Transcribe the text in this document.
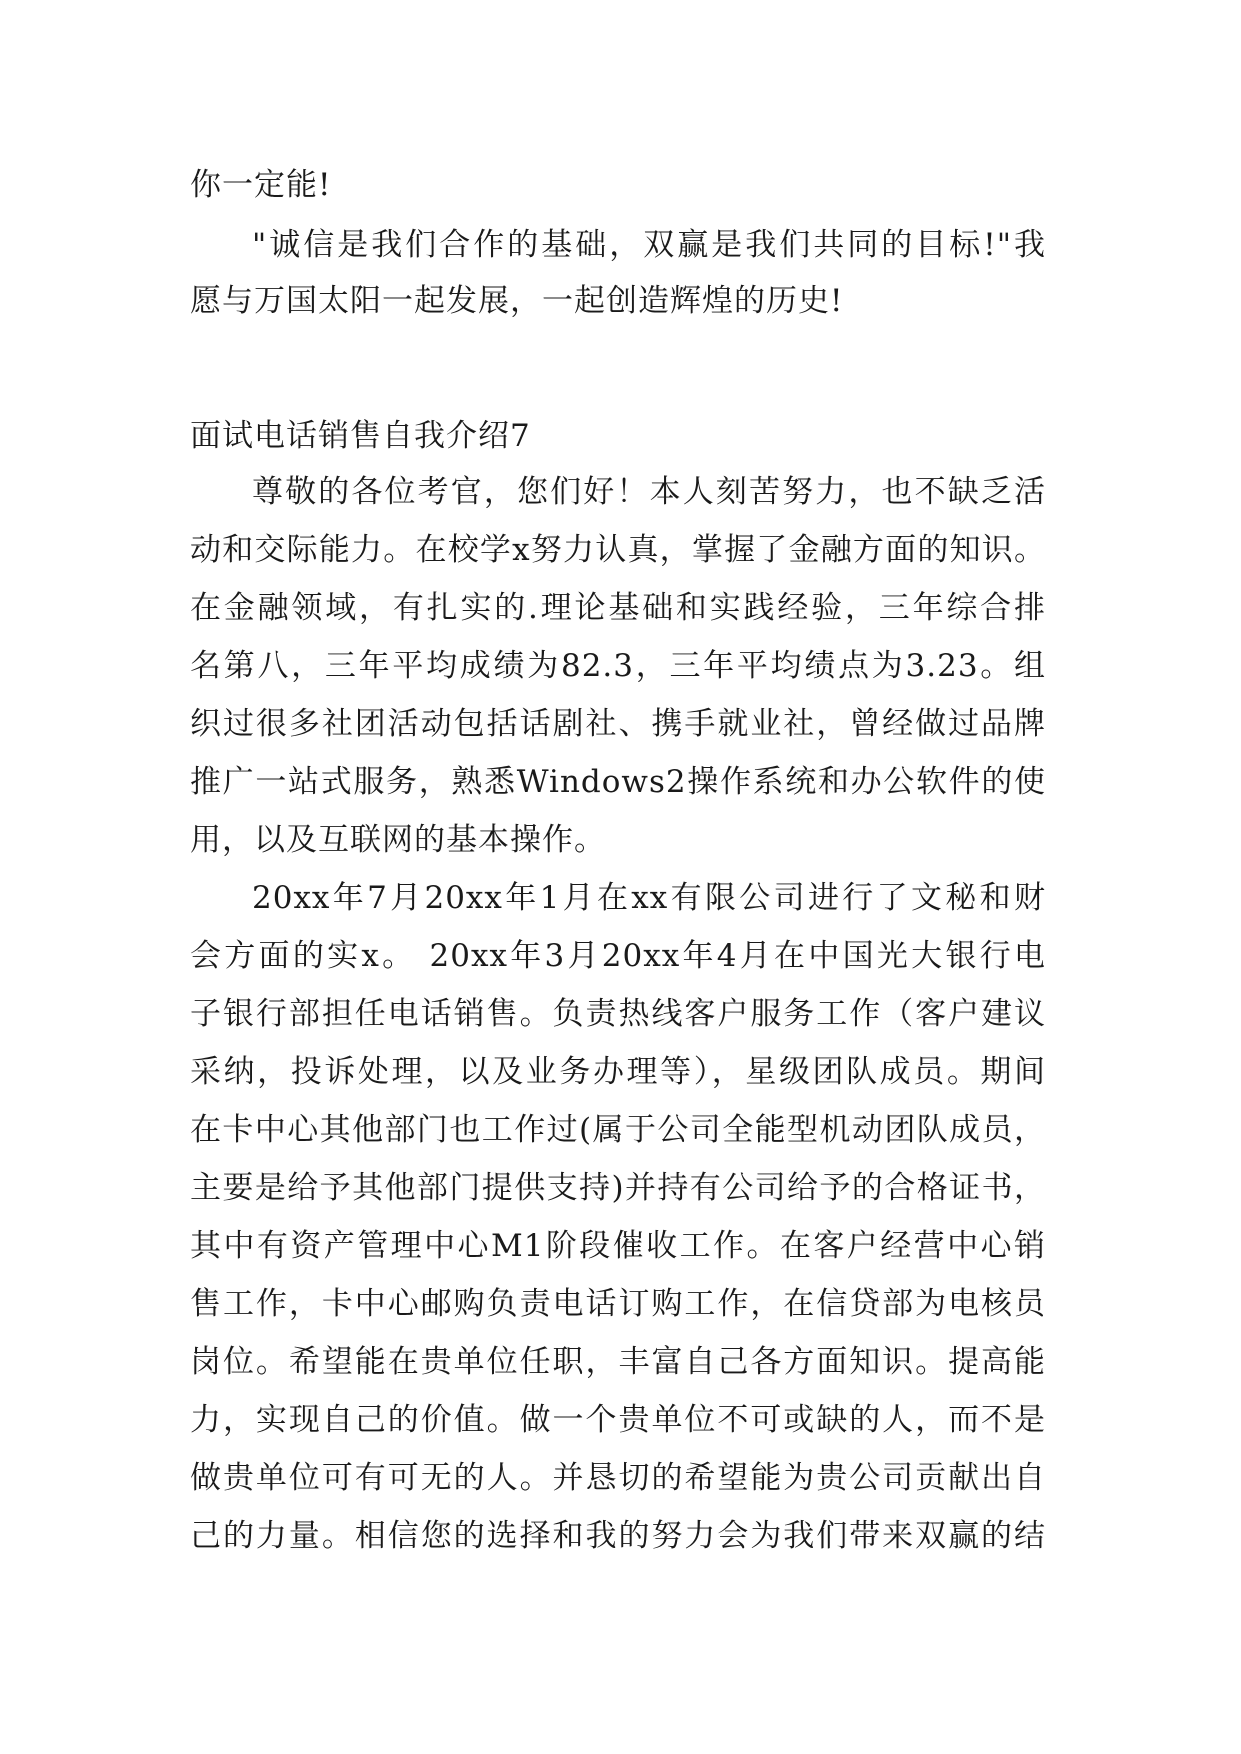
你一定能!
"诚信是我们合作的基础，双赢是我们共同的目标!"我
愿与万国太阳一起发展，一起创造辉煌的历史!
面试电话销售自我介绍7
尊敬的各位考官，您们好！本人刻苦努力，也不缺乏活
动和交际能力。在校学x努力认真，掌握了金融方面的知识。
在金融领域，有扎实的.理论基础和实践经验，三年综合排
名第八，三年平均成绩为82.3，三年平均绩点为3.23。组
织过很多社团活动包括话剧社、携手就业社，曾经做过品牌
推广一站式服务，熟悉Windows2操作系统和办公软件的使
用，以及互联网的基本操作。
20xx年7月20xx年1月在xx有限公司进行了文秘和财
会方面的实x。 20xx年3月20xx年4月在中国光大银行电
子银行部担任电话销售。负责热线客户服务工作（客户建议
采纳，投诉处理，以及业务办理等），星级团队成员。期间
在卡中心其他部门也工作过(属于公司全能型机动团队成员，
主要是给予其他部门提供支持)并持有公司给予的合格证书，
其中有资产管理中心M1阶段催收工作。在客户经营中心销
售工作，卡中心邮购负责电话订购工作，在信贷部为电核员
岗位。希望能在贵单位任职，丰富自己各方面知识。提高能
力，实现自己的价值。做一个贵单位不可或缺的人，而不是
做贵单位可有可无的人。并恳切的希望能为贵公司贡献出自
己的力量。相信您的选择和我的努力会为我们带来双赢的结
